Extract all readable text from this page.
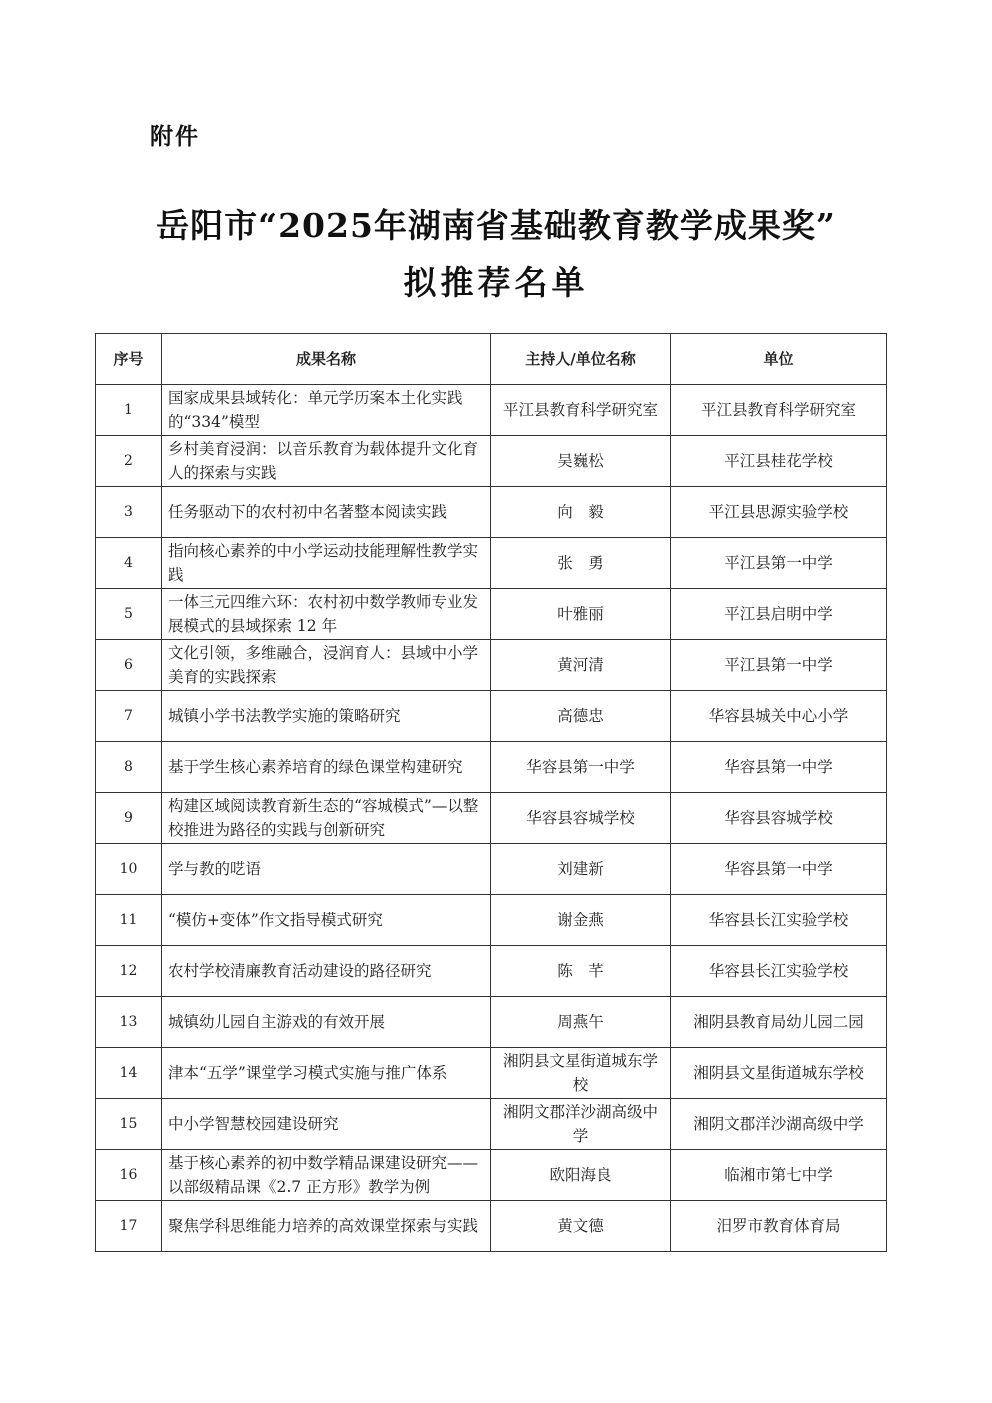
附件
岳阳市“2025年湖南省基础教育教学成果奖”
拟推荐名单
序号	成果名称	主持人/单位名称	单位
1	国家成果县域转化：单元学历案本土化实践的“334”模型	平江县教育科学研究室	平江县教育科学研究室
2	乡村美育浸润：以音乐教育为载体提升文化育人的探索与实践	吴巍松	平江县桂花学校
3	任务驱动下的农村初中名著整本阅读实践	向　毅	平江县思源实验学校
4	指向核心素养的中小学运动技能理解性教学实践	张　勇	平江县第一中学
5	一体三元四维六环：农村初中数学教师专业发展模式的县域探索 12 年	叶雅丽	平江县启明中学
6	文化引领，多维融合，浸润育人：县域中小学美育的实践探索	黄河清	平江县第一中学
7	城镇小学书法教学实施的策略研究	高德忠	华容县城关中心小学
8	基于学生核心素养培育的绿色课堂构建研究	华容县第一中学	华容县第一中学
9	构建区域阅读教育新生态的“容城模式”—以整校推进为路径的实践与创新研究	华容县容城学校	华容县容城学校
10	学与教的呓语	刘建新	华容县第一中学
11	“模仿+变体”作文指导模式研究	谢金燕	华容县长江实验学校
12	农村学校清廉教育活动建设的路径研究	陈　芊	华容县长江实验学校
13	城镇幼儿园自主游戏的有效开展	周燕午	湘阴县教育局幼儿园二园
14	津本“五学”课堂学习模式实施与推广体系	湘阴县文星街道城东学校	湘阴县文星街道城东学校
15	中小学智慧校园建设研究	湘阴文郡洋沙湖高级中学	湘阴文郡洋沙湖高级中学
16	基于核心素养的初中数学精品课建设研究——以部级精品课《2.7 正方形》教学为例	欧阳海良	临湘市第七中学
17	聚焦学科思维能力培养的高效课堂探索与实践	黄文德	汨罗市教育体育局
